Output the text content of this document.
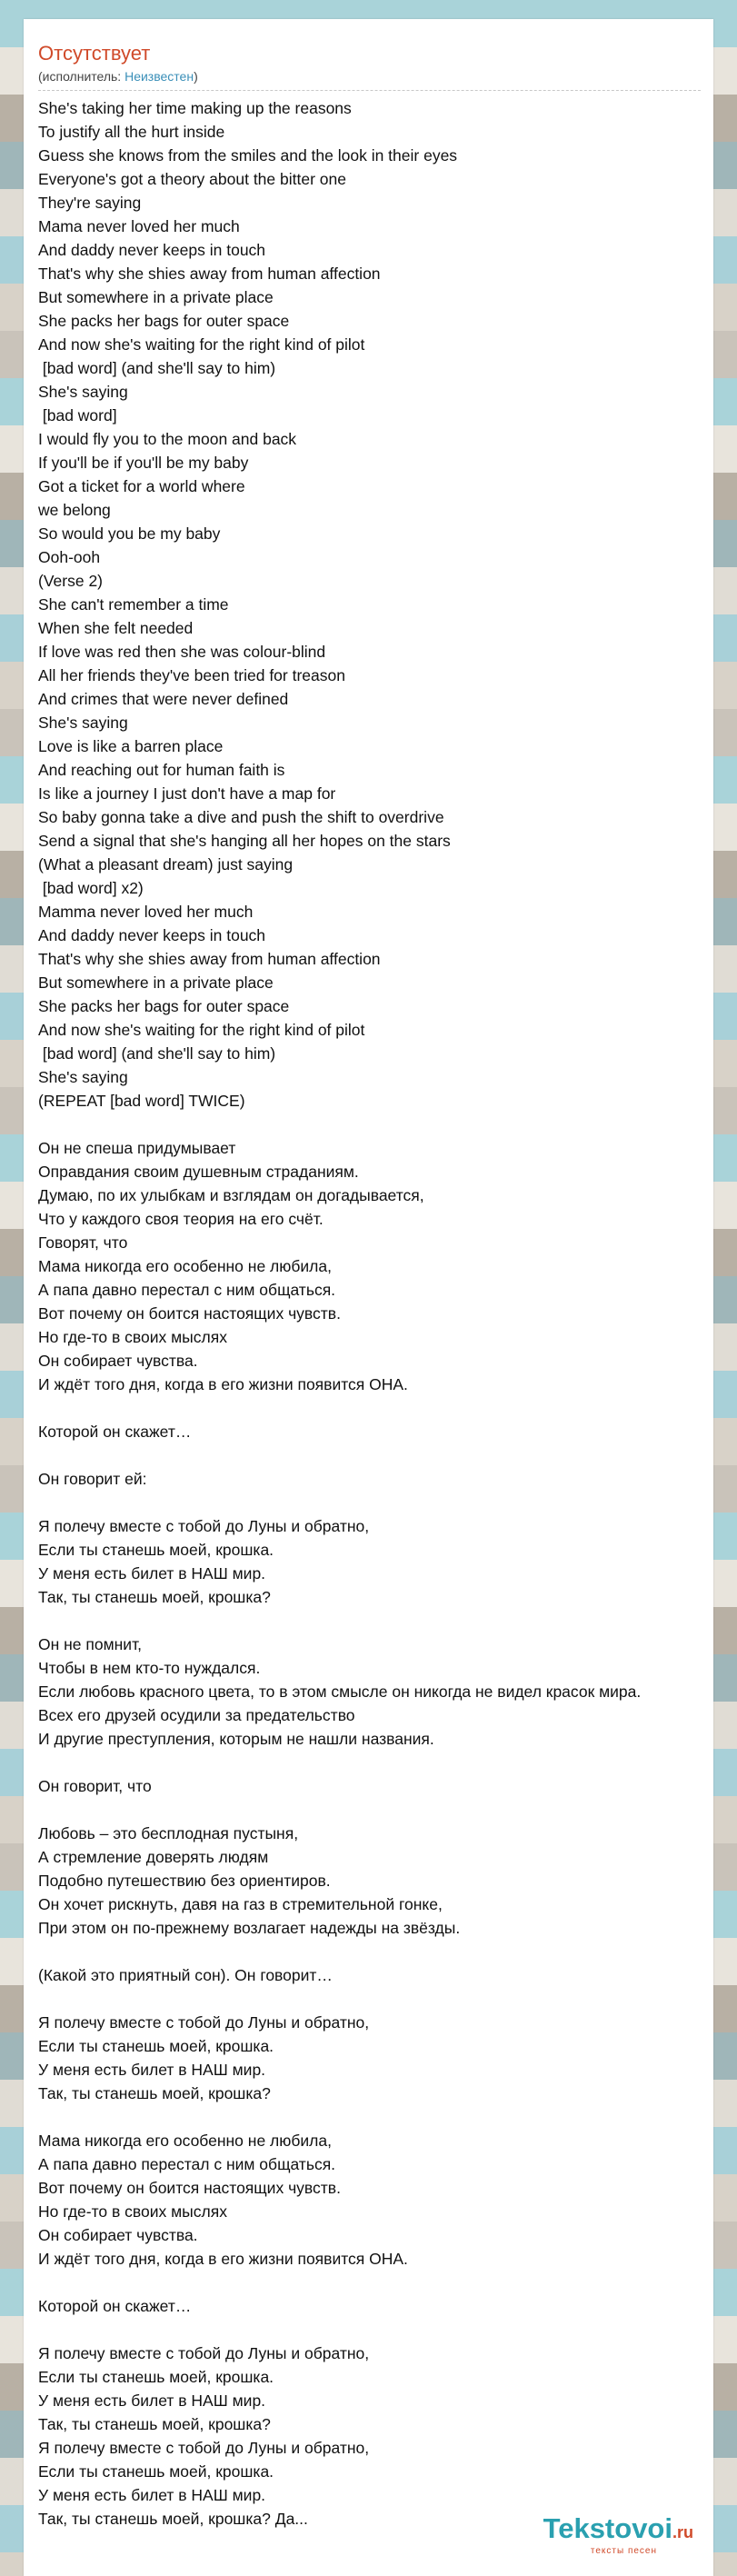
Отсутствует
(исполнитель: Неизвестен)
She's taking her time making up the reasons
To justify all the hurt inside
Guess she knows from the smiles and the look in their eyes
Everyone's got a theory about the bitter one
They're saying
Mama never loved her much
And daddy never keeps in touch
That's why she shies away from human affection
But somewhere in a private place
She packs her bags for outer space
And now she's waiting for the right kind of pilot
[bad word] (and she'll say to him)
She's saying
[bad word]
I would fly you to the moon and back
If you'll be if you'll be my baby
Got a ticket for a world where
we belong
So would you be my baby
Ooh-ooh
(Verse 2)
She can't remember a time
When she felt needed
If love was red then she was colour-blind
All her friends they've been tried for treason
And crimes that were never defined
She's saying
Love is like a barren place
And reaching out for human faith is
Is like a journey I just don't have a map for
So baby gonna take a dive and push the shift to overdrive
Send a signal that she's hanging all her hopes on the stars
(What a pleasant dream) just saying
[bad word] x2)
Mamma never loved her much
And daddy never keeps in touch
That's why she shies away from human affection
But somewhere in a private place
She packs her bags for outer space
And now she's waiting for the right kind of pilot
[bad word] (and she'll say to him)
She's saying
(REPEAT [bad word] TWICE)

Он не спеша придумывает
Оправдания своим душевным страданиям.
Думаю, по их улыбкам и взглядам он догадывается,
Что у каждого своя теория на его счёт.
Говорят, что
Мама никогда его особенно не любила,
А папа давно перестал с ним общаться.
Вот почему он боится настоящих чувств.
Но где-то в своих мыслях
Он собирает чувства.
И ждёт того дня, когда в его жизни появится ОНА.

Которой он скажет…

Он говорит ей:

Я полечу вместе с тобой до Луны и обратно,
Если ты станешь моей, крошка.
У меня есть билет в НАШ мир.
Так, ты станешь моей, крошка?

Он не помнит,
Чтобы в нем кто-то нуждался.
Если любовь красного цвета, то в этом смысле он никогда не видел красок мира.
Всех его друзей осудили за предательство
И другие преступления, которым не нашли названия.

Он говорит, что

Любовь – это бесплодная пустыня,
А стремление доверять людям
Подобно путешествию без ориентиров.
Он хочет рискнуть, давя на газ в стремительной гонке,
При этом он по-прежнему возлагает надежды на звёзды.

(Какой это приятный сон). Он говорит…

Я полечу вместе с тобой до Луны и обратно,
Если ты станешь моей, крошка.
У меня есть билет в НАШ мир.
Так, ты станешь моей, крошка?

Мама никогда его особенно не любила,
А папа давно перестал с ним общаться.
Вот почему он боится настоящих чувств.
Но где-то в своих мыслях
Он собирает чувства.
И ждёт того дня, когда в его жизни появится ОНА.

Которой он скажет…

Я полечу вместе с тобой до Луны и обратно,
Если ты станешь моей, крошка.
У меня есть билет в НАШ мир.
Так, ты станешь моей, крошка?
Я полечу вместе с тобой до Луны и обратно,
Если ты станешь моей, крошка.
У меня есть билет в НАШ мир.
Так, ты станешь моей, крошка? Да...	Tekstovoi.ru
тексты песен
